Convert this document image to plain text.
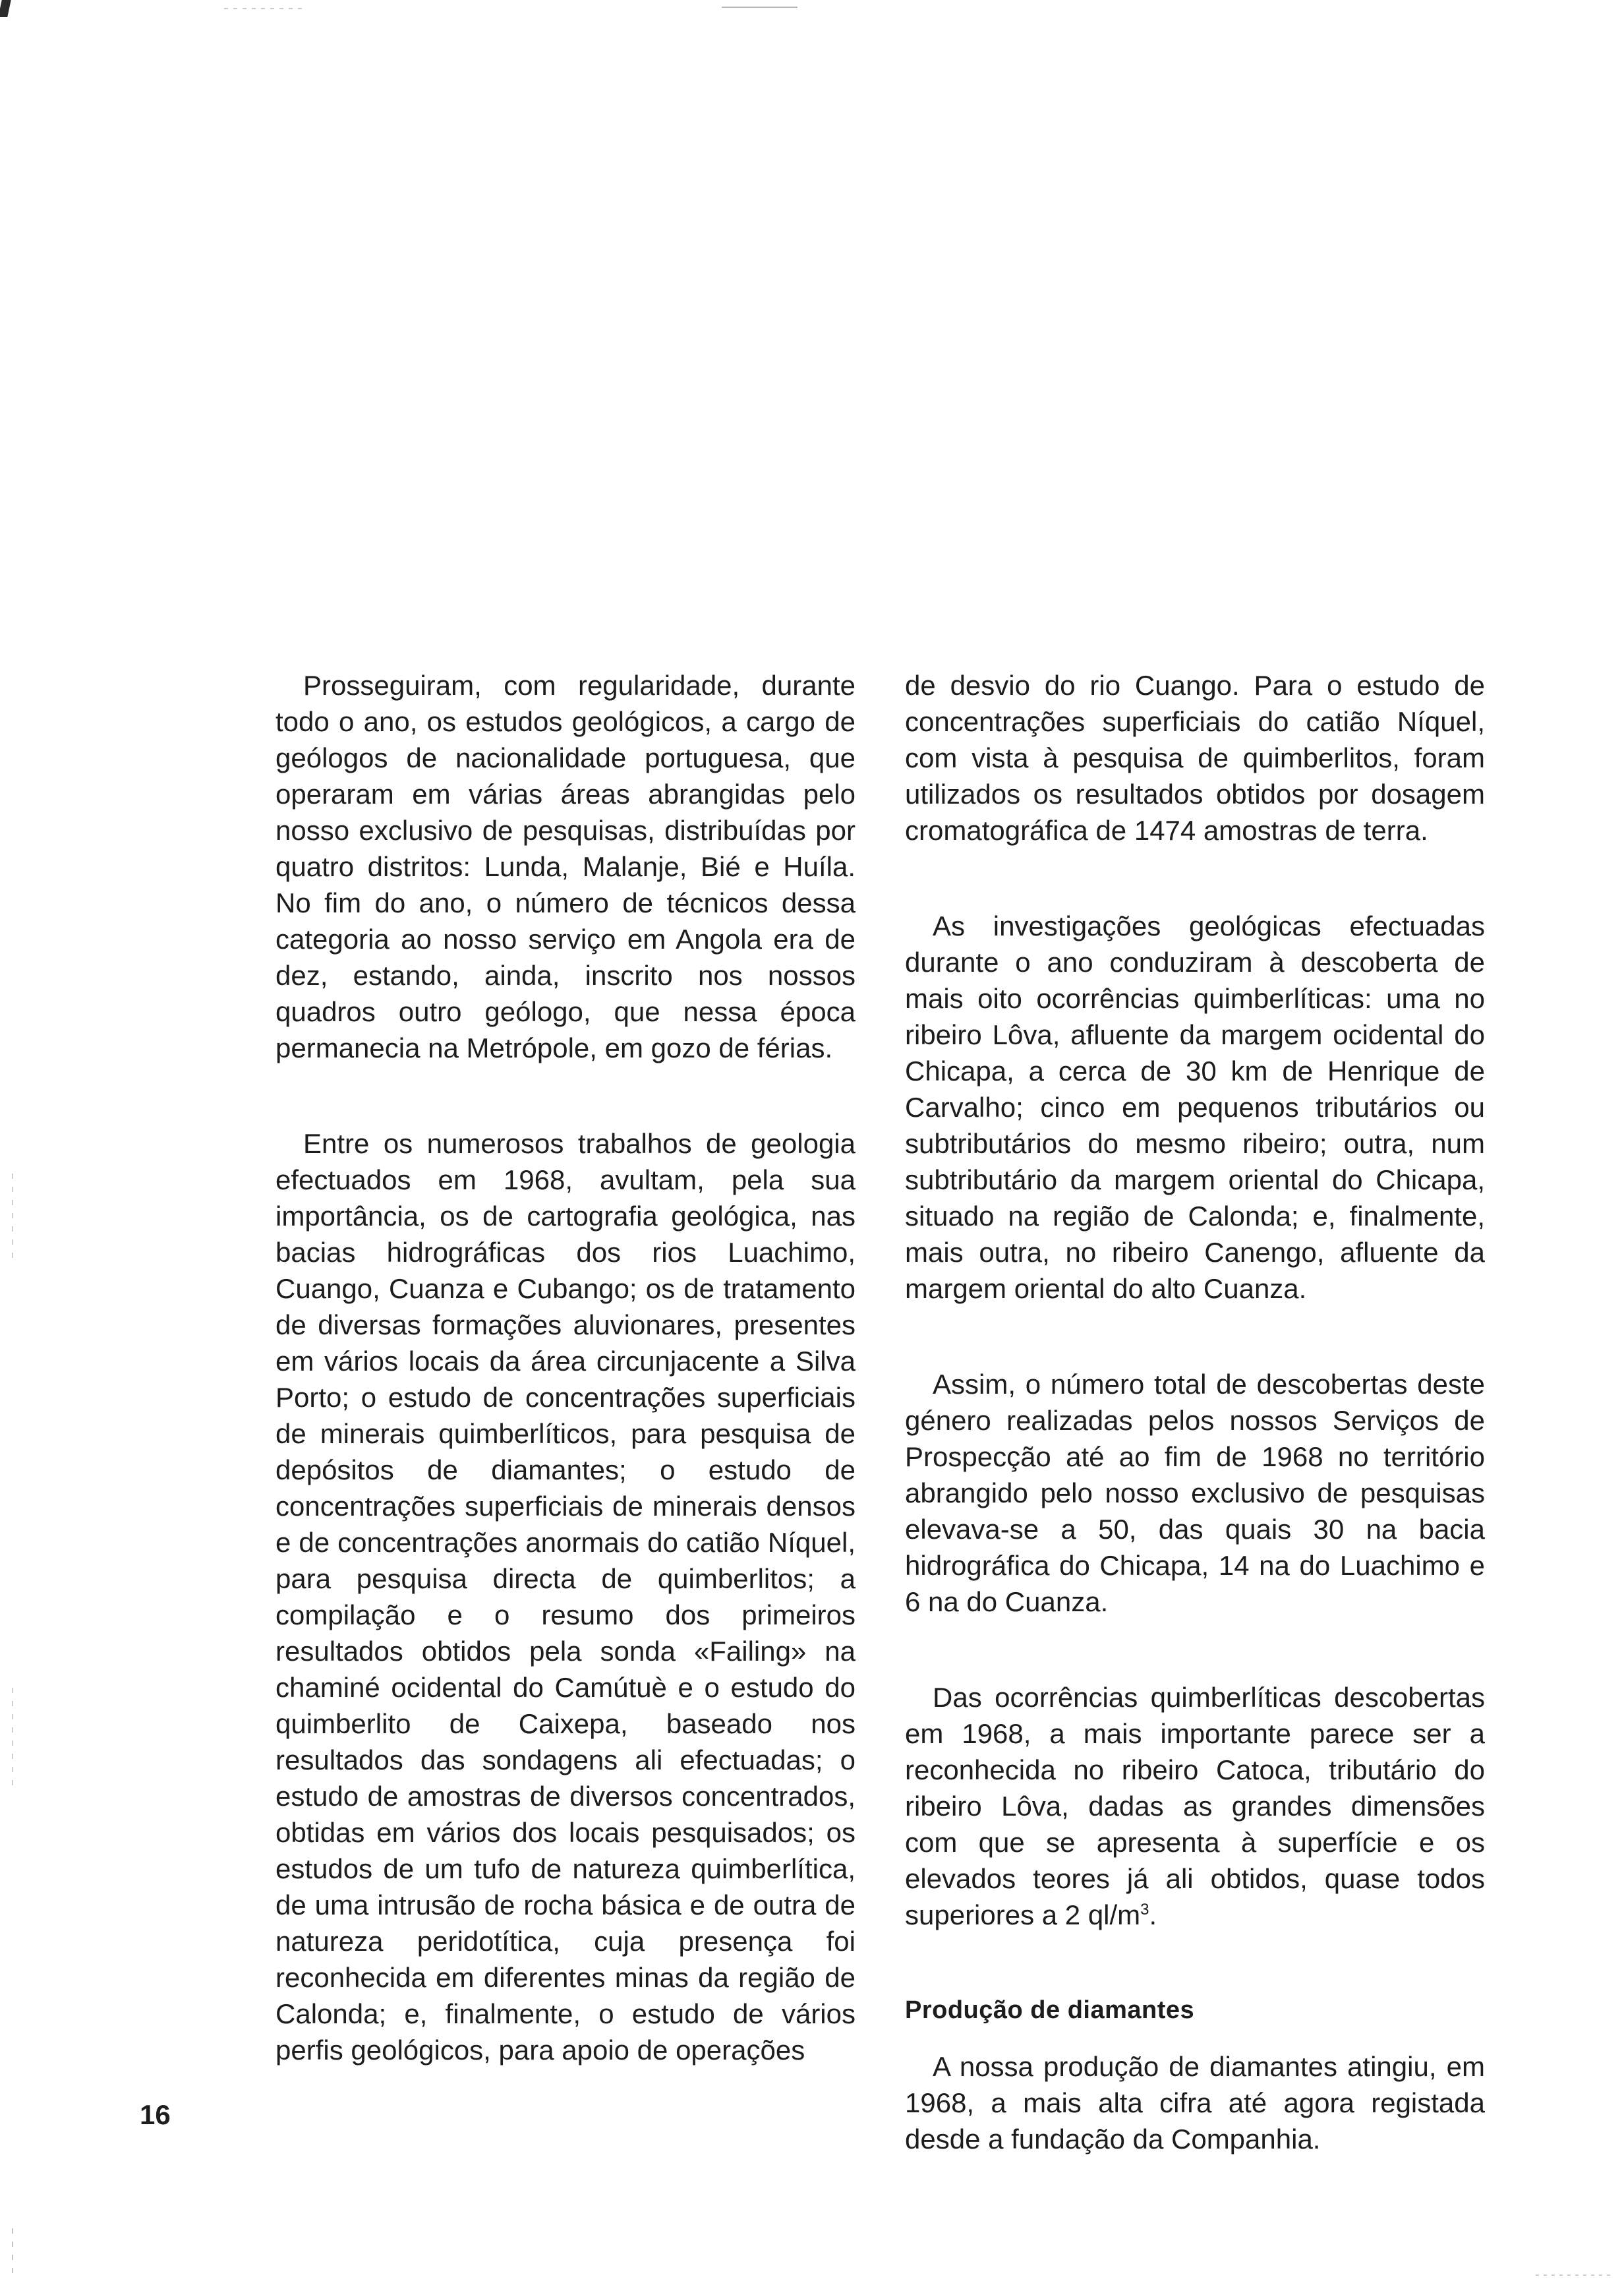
Prosseguiram, com regularidade, durante todo o ano, os estudos geológicos, a cargo de geólogos de nacionalidade portuguesa, que operaram em várias áreas abrangidas pelo nosso exclusivo de pesquisas, distribuídas por quatro distritos: Lunda, Malanje, Bié e Huíla. No fim do ano, o número de técnicos dessa categoria ao nosso serviço em Angola era de dez, estando, ainda, inscrito nos nossos quadros outro geólogo, que nessa época permanecia na Metrópole, em gozo de férias.

Entre os numerosos trabalhos de geologia efectuados em 1968, avultam, pela sua importância, os de cartografia geológica, nas bacias hidrográficas dos rios Luachimo, Cuango, Cuanza e Cubango; os de tratamento de diversas formações aluvionares, presentes em vários locais da área circunjacente a Silva Porto; o estudo de concentrações superficiais de minerais quimberlíticos, para pesquisa de depósitos de diamantes; o estudo de concentrações superficiais de minerais densos e de concentrações anormais do catião Níquel, para pesquisa directa de quimberlitos; a compilação e o resumo dos primeiros resultados obtidos pela sonda «Failing» na chaminé ocidental do Camútuè e o estudo do quimberlito de Caixepa, baseado nos resultados das sondagens ali efectuadas; o estudo de amostras de diversos concentrados, obtidas em vários dos locais pesquisados; os estudos de um tufo de natureza quimberlítica, de uma intrusão de rocha básica e de outra de natureza peridotítica, cuja presença foi reconhecida em diferentes minas da região de Calonda; e, finalmente, o estudo de vários perfis geológicos, para apoio de operações

de desvio do rio Cuango. Para o estudo de concentrações superficiais do catião Níquel, com vista à pesquisa de quimberlitos, foram utilizados os resultados obtidos por dosagem cromatográfica de 1474 amostras de terra.

As investigações geológicas efectuadas durante o ano conduziram à descoberta de mais oito ocorrências quimberlíticas: uma no ribeiro Lôva, afluente da margem ocidental do Chicapa, a cerca de 30 km de Henrique de Carvalho; cinco em pequenos tributários ou subtributários do mesmo ribeiro; outra, num subtributário da margem oriental do Chicapa, situado na região de Calonda; e, finalmente, mais outra, no ribeiro Canengo, afluente da margem oriental do alto Cuanza.

Assim, o número total de descobertas deste género realizadas pelos nossos Serviços de Prospecção até ao fim de 1968 no território abrangido pelo nosso exclusivo de pesquisas elevava-se a 50, das quais 30 na bacia hidrográfica do Chicapa, 14 na do Luachimo e 6 na do Cuanza.

Das ocorrências quimberlíticas descobertas em 1968, a mais importante parece ser a reconhecida no ribeiro Catoca, tributário do ribeiro Lôva, dadas as grandes dimensões com que se apresenta à superfície e os elevados teores já ali obtidos, quase todos superiores a 2 $ql/m^3$.

Produção de diamantes

A nossa produção de diamantes atingiu, em 1968, a mais alta cifra até agora registada desde a fundação da Companhia.

16
